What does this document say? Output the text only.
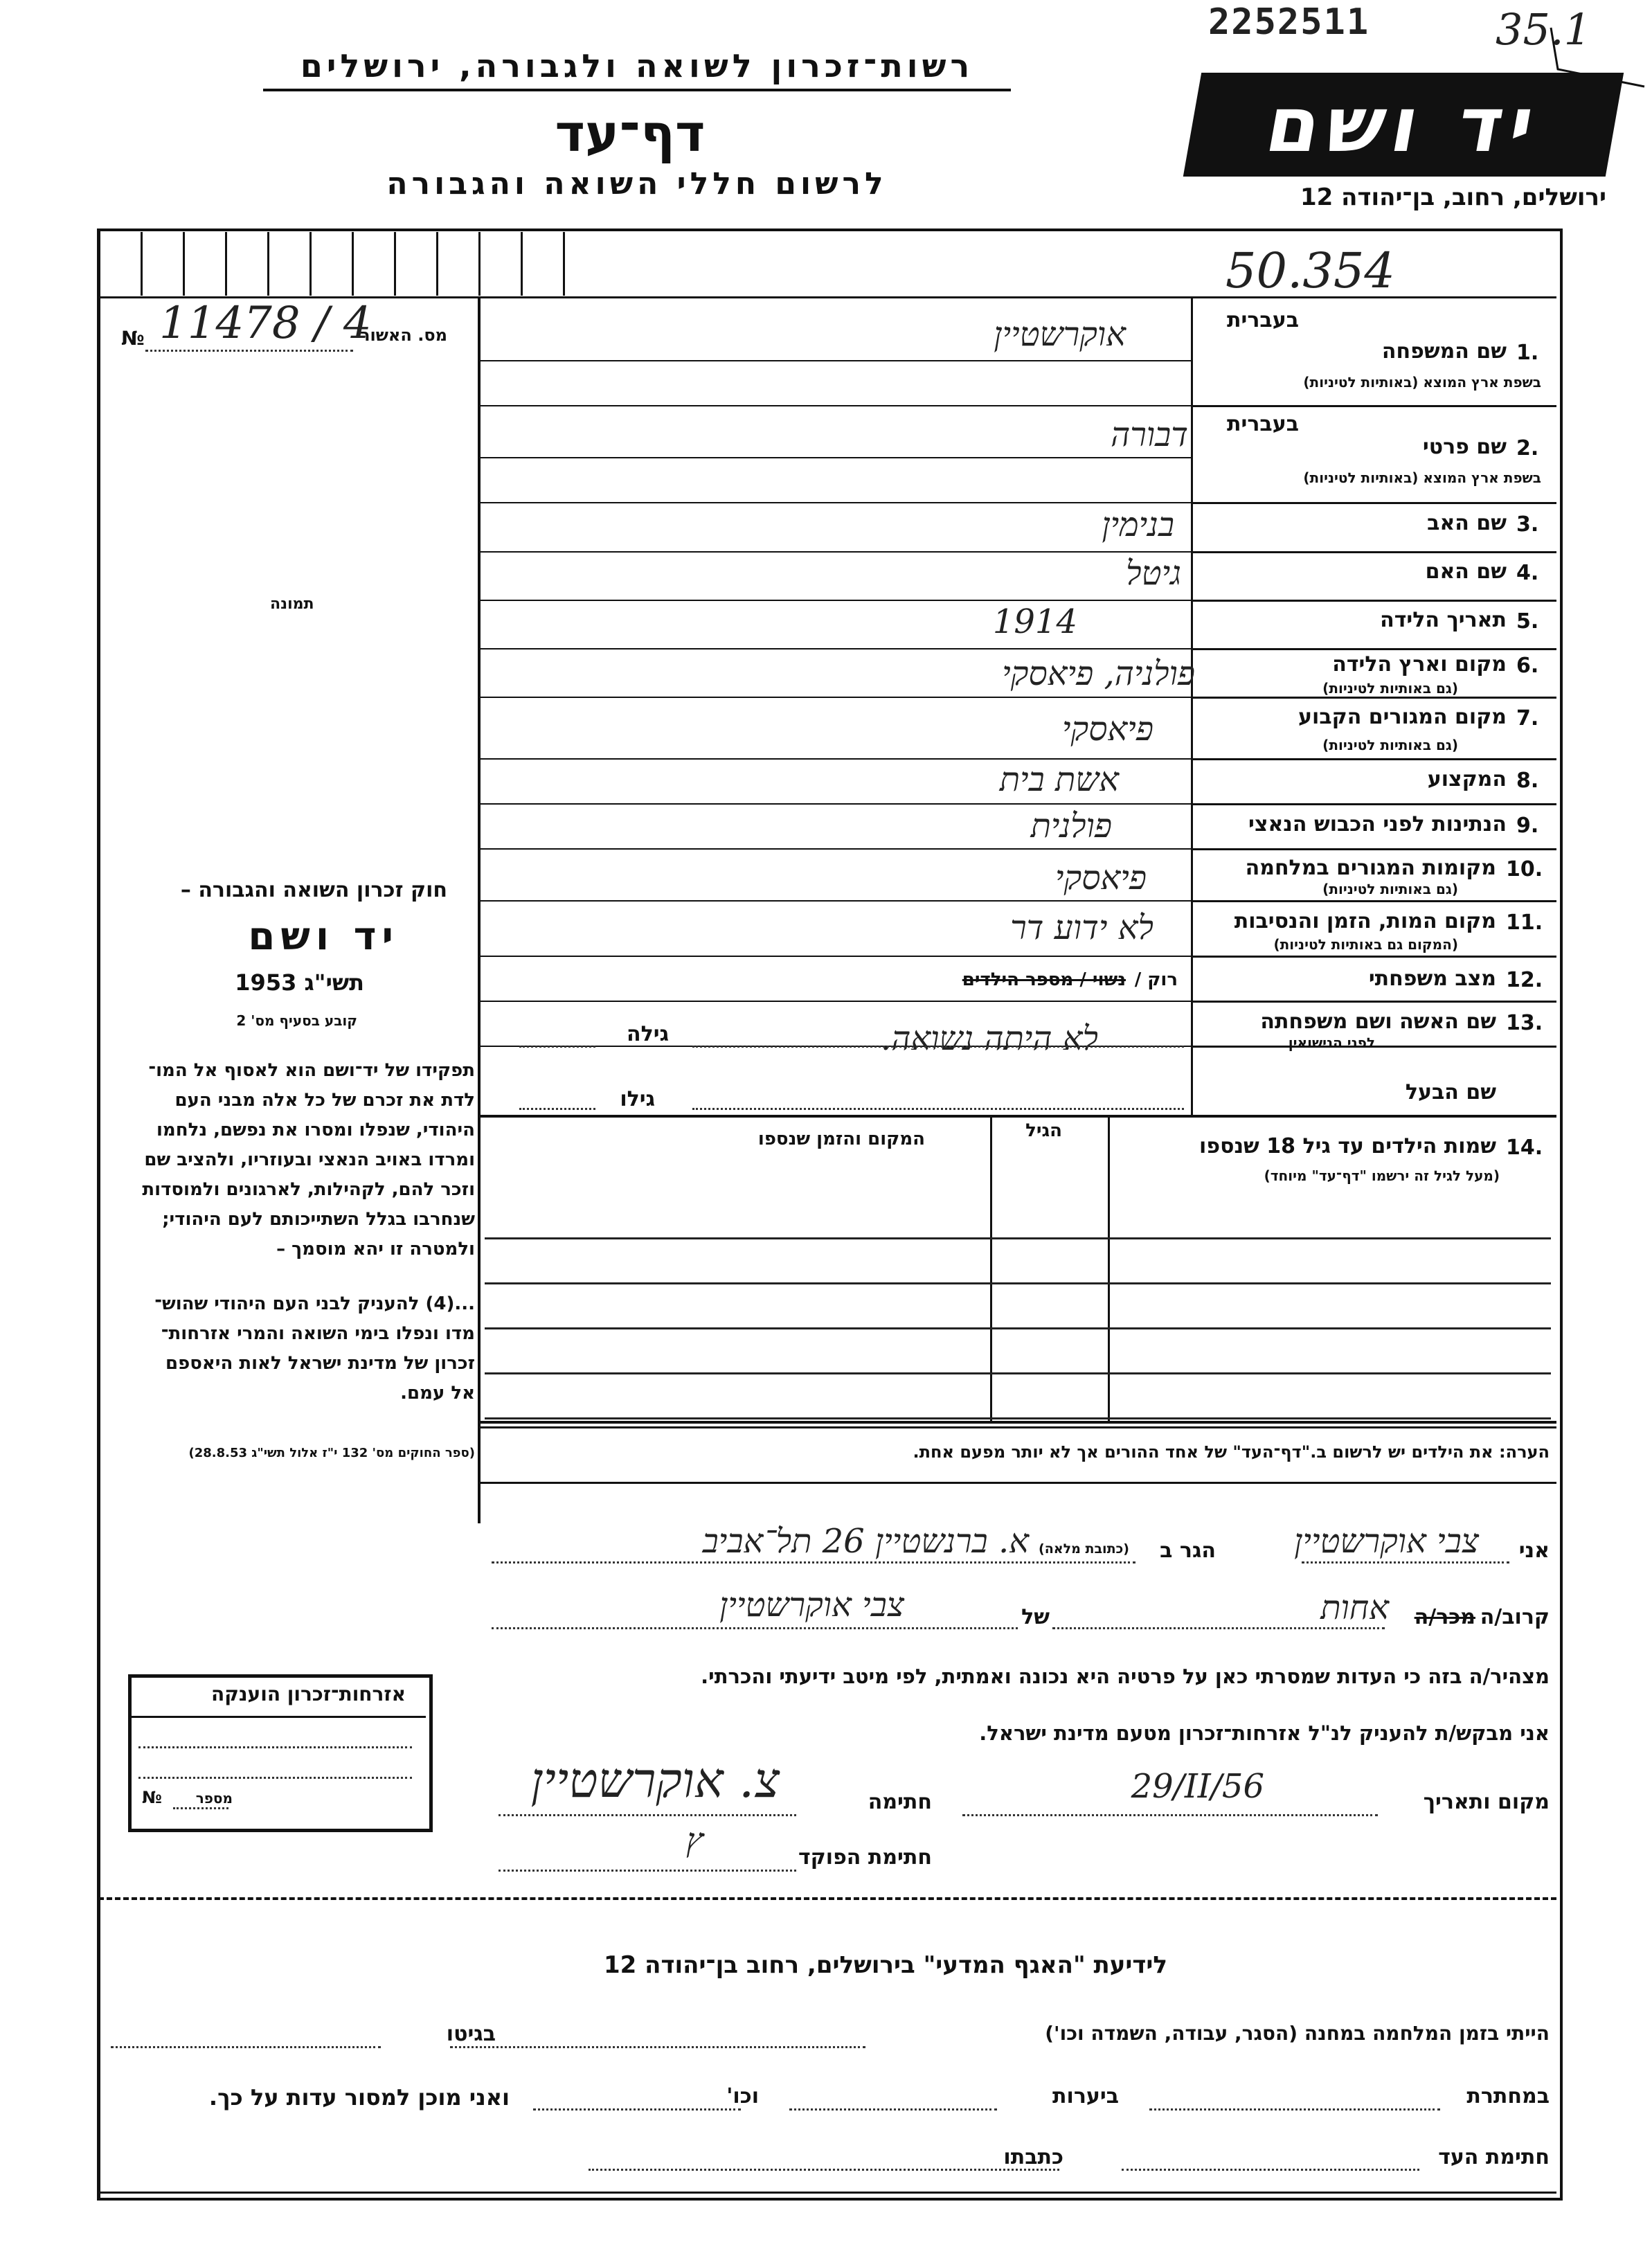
2252511	35.1
רשות־זכרון לשואה ולגבורה, ירושלים
דף־עד
לרשום חללי השואה והגבורה
יד ושם
ירושלים, רחוב, בן־יהודה 12
50.354
מס. האשור
№ 11478 / 4
תמונה
בעברית
1.
שם המשפחה
בשפת ארץ המוצא (באותיות לטיניות)
אוקרשטיין
בעברית
2.
שם פרטי
בשפת ארץ המוצא (באותיות לטיניות)
דבורה
3.
שם האב
בנימין
4.
שם האם
גיטל
5.
תאריך הלידה
1914
6.
מקום וארץ הלידה
(גם באותיות לטיניות)
פולניה, פיאסקי
7.
מקום המגורים הקבוע
(גם באותיות לטיניות)
פיאסקי
8.
המקצוע
אשת בית
9.
הנתינות לפני הכבוש הנאצי
פולנית
10.
מקומות המגורים במלחמה
(גם באותיות לטיניות)
פיאסקי
11.
מקום המות, הזמן והנסיבות
(המקום גם באותיות לטיניות)
לא ידוע דר
12.
מצב משפחתי
רוק /
נשוי / מספר הילדים
13.
שם האשה ושם משפחתה
לפני הנישואין
לא היתה נשואה.
גילה
שם הבעל
גילו
14.
שמות הילדים עד גיל 18 שנספו
(מעל לגיל זה ירשמו "דף־עד" מיוחד)
הגיל
המקום והזמן שנספו
חוק זכרון השואה והגבורה –
יד ושם
תשי"ג 1953
קובע בסעיף מס' 2
תפקידו של יד־ושם הוא לאסוף אל המו־
לדת את זכרם של כל אלה מבני העם
היהודי, שנפלו ומסרו את נפשם, נלחמו
ומרדו באויב הנאצי ובעוזריו, ולהציב שם
וזכר להם, לקהילות, לארגונים ולמוסדות
שנחרבו בגלל השתייכותם לעם היהודי;
ולמטרה זו יהא מוסמך –
...(4) להעניק לבני העם היהודי שהוש־
מדו ונפלו בימי השואה והמרי אזרחות־
זכרון של מדינת ישראל לאות היאספם
אל עמם.
(ספר החוקים מס' 132 י"ז אלול תשי"ג 28.8.53)	הערה: את הילדים יש לרשום ב."דף־העד" של אחד ההורים אך לא יותר מפעם אחת.
אני
צבי אוקרשטיין
הגר ב
(כתובת מלאה)
א. ברנשטיין 26 תל־אביב
קרוב/ה
מכר/ה
אחות
של
צבי אוקרשטיין
מצהיר/ה בזה כי העדות שמסרתי כאן על פרטיה היא נכונה ואמתית, לפי מיטב ידיעתי והכרתי.
אני מבקש/ת להעניק לנ"ל אזרחות־זכרון מטעם מדינת ישראל.
מקום ותאריך
29/II/56
חתימה
צ. אוקרשטיין
חתימת הפוקד
ץ
אזרחות־זכרון הוענקה
מספר
№
לידיעת "האגף המדעי" בירושלים, רחוב בן־יהודה 12
הייתי בזמן המלחמה במחנה (הסגר, עבודה, השמדה וכו')
בגיטו
במחתרת
ביערות
וכו'
ואני מוכן למסור עדות על כך.
חתימת העד
כתבתו
